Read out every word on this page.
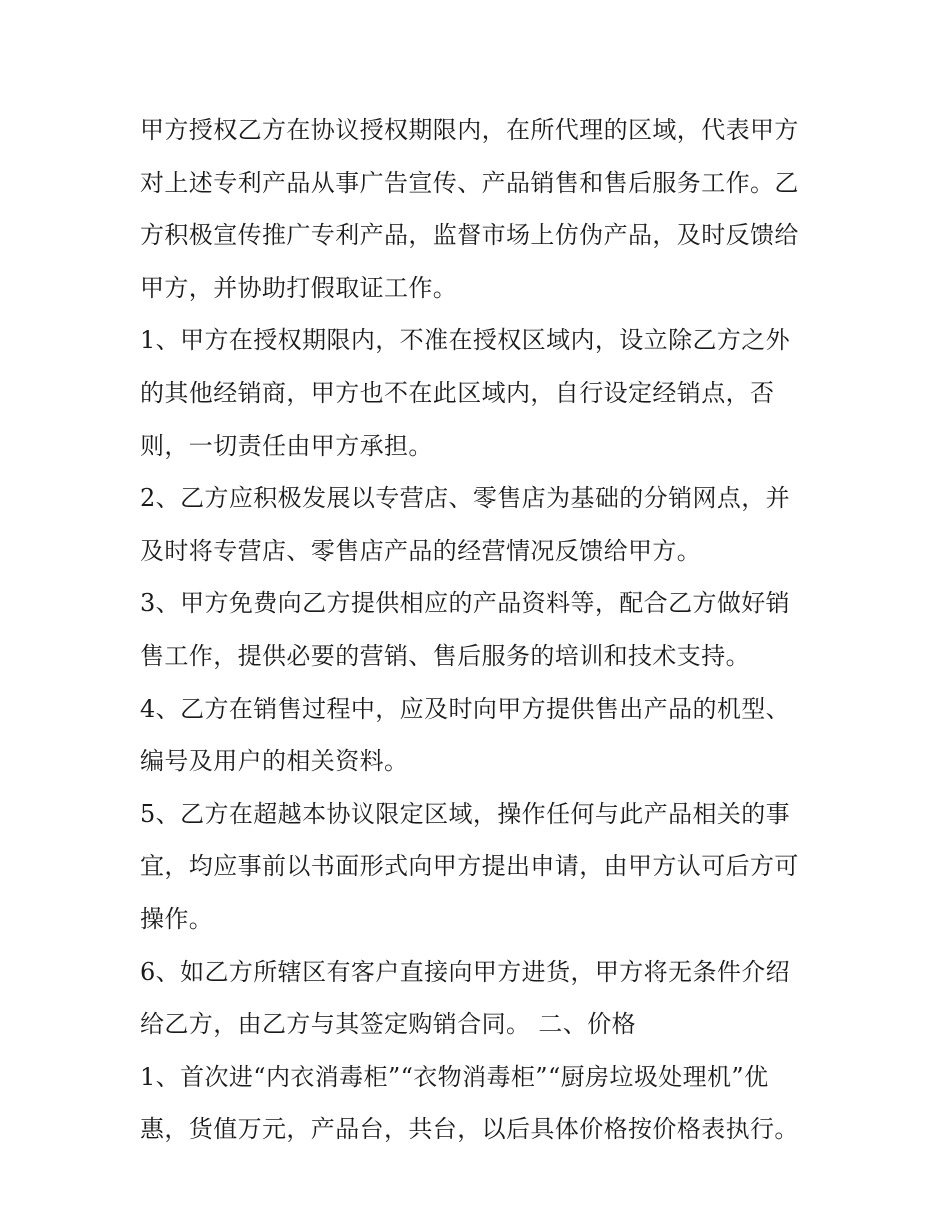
甲方授权乙方在协议授权期限内，在所代理的区域，代表甲方
对上述专利产品从事广告宣传、产品销售和售后服务工作。乙
方积极宣传推广专利产品，监督市场上仿伪产品，及时反馈给
甲方，并协助打假取证工作。
1、甲方在授权期限内，不准在授权区域内，设立除乙方之外
的其他经销商，甲方也不在此区域内，自行设定经销点，否
则，一切责任由甲方承担。
2、乙方应积极发展以专营店、零售店为基础的分销网点，并
及时将专营店、零售店产品的经营情况反馈给甲方。
3、甲方免费向乙方提供相应的产品资料等，配合乙方做好销
售工作，提供必要的营销、售后服务的培训和技术支持。
4、乙方在销售过程中，应及时向甲方提供售出产品的机型、
编号及用户的相关资料。
5、乙方在超越本协议限定区域，操作任何与此产品相关的事
宜，均应事前以书面形式向甲方提出申请，由甲方认可后方可
操作。
6、如乙方所辖区有客户直接向甲方进货，甲方将无条件介绍
给乙方，由乙方与其签定购销合同。 二、价格
1、首次进“内衣消毒柜”“衣物消毒柜”“厨房垃圾处理机”优
惠，货值万元，产品台，共台，以后具体价格按价格表执行。
